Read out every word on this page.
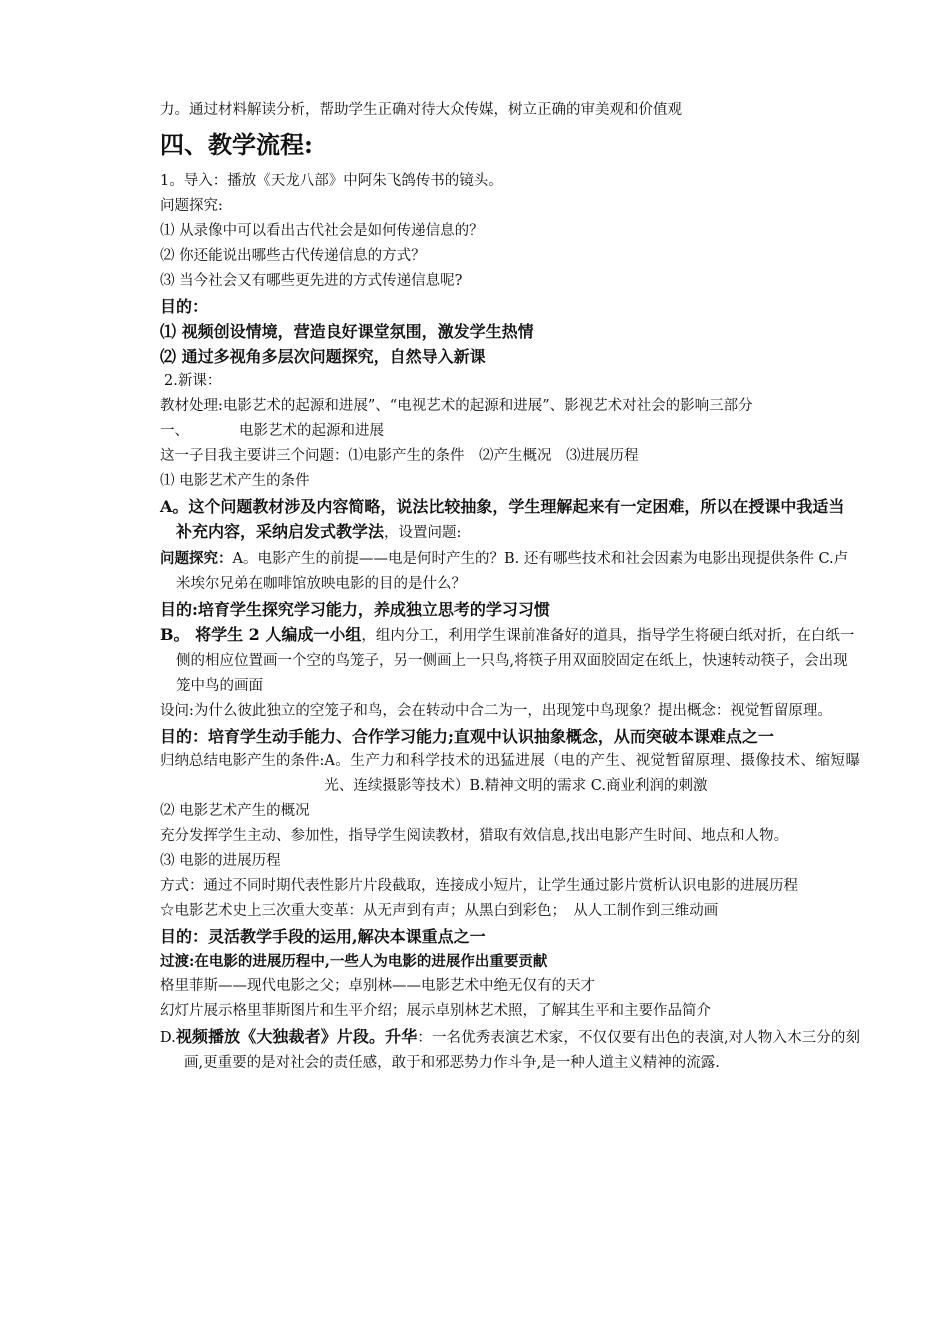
力。通过材料解读分析，帮助学生正确对待大众传媒，树立正确的审美观和价值观

四、教学流程:

1。导入：播放《天龙八部》中阿朱飞鸽传书的镜头。

问题探究:

⑴ 从录像中可以看出古代社会是如何传递信息的？

⑵ 你还能说出哪些古代传递信息的方式？

⑶ 当今社会又有哪些更先进的方式传递信息呢?

目的：

⑴ 视频创设情境，营造良好课堂氛围，激发学生热情

⑵ 通过多视角多层次问题探究，自然导入新课

2.新课：

教材处理:电影艺术的起源和进展”、“电视艺术的起源和进展”、影视艺术对社会的影响三部分

一、	电影艺术的起源和进展

这一子目我主要讲三个问题：⑴电影产生的条件　⑵产生概况　⑶进展历程

⑴ 电影艺术产生的条件

A。这个问题教材涉及内容简略，说法比较抽象，学生理解起来有一定困难，所以在授课中我适当补充内容，采纳启发式教学法，设置问题:

问题探究：A。电影产生的前提——电是何时产生的？B. 还有哪些技术和社会因素为电影出现提供条件 C.卢米埃尔兄弟在咖啡馆放映电影的目的是什么？

目的:培育学生探究学习能力，养成独立思考的学习习惯

B。 将学生 2 人编成一小组，组内分工，利用学生课前准备好的道具，指导学生将硬白纸对折，在白纸一侧的相应位置画一个空的鸟笼子，另一侧画上一只鸟,将筷子用双面胶固定在纸上，快速转动筷子，会出现笼中鸟的画面

设问:为什么彼此独立的空笼子和鸟，会在转动中合二为一，出现笼中鸟现象？提出概念：视觉暂留原理。

目的：培育学生动手能力、合作学习能力;直观中认识抽象概念，从而突破本课难点之一

归纳总结电影产生的条件: A。生产力和科学技术的迅猛进展（电的产生、视觉暂留原理、摄像技术、缩短曝光、连续摄影等技术）B.精神文明的需求 C.商业利润的刺激

⑵ 电影艺术产生的概况

充分发挥学生主动、参加性，指导学生阅读教材，猎取有效信息,找出电影产生时间、地点和人物。

⑶ 电影的进展历程

方式：通过不同时期代表性影片片段截取，连接成小短片，让学生通过影片赏析认识电影的进展历程

☆电影艺术史上三次重大变革：从无声到有声；从黑白到彩色；　从人工制作到三维动画

目的：灵活教学手段的运用,解决本课重点之一

过渡:在电影的进展历程中,一些人为电影的进展作出重要贡献

格里菲斯——现代电影之父；卓别林——电影艺术中绝无仅有的天才

幻灯片展示格里菲斯图片和生平介绍；展示卓别林艺术照，了解其生平和主要作品简介

D.视频播放《大独裁者》片段。升华：一名优秀表演艺术家，不仅仅要有出色的表演,对人物入木三分的刻画,更重要的是对社会的责任感，敢于和邪恶势力作斗争,是一种人道主义精神的流露.
